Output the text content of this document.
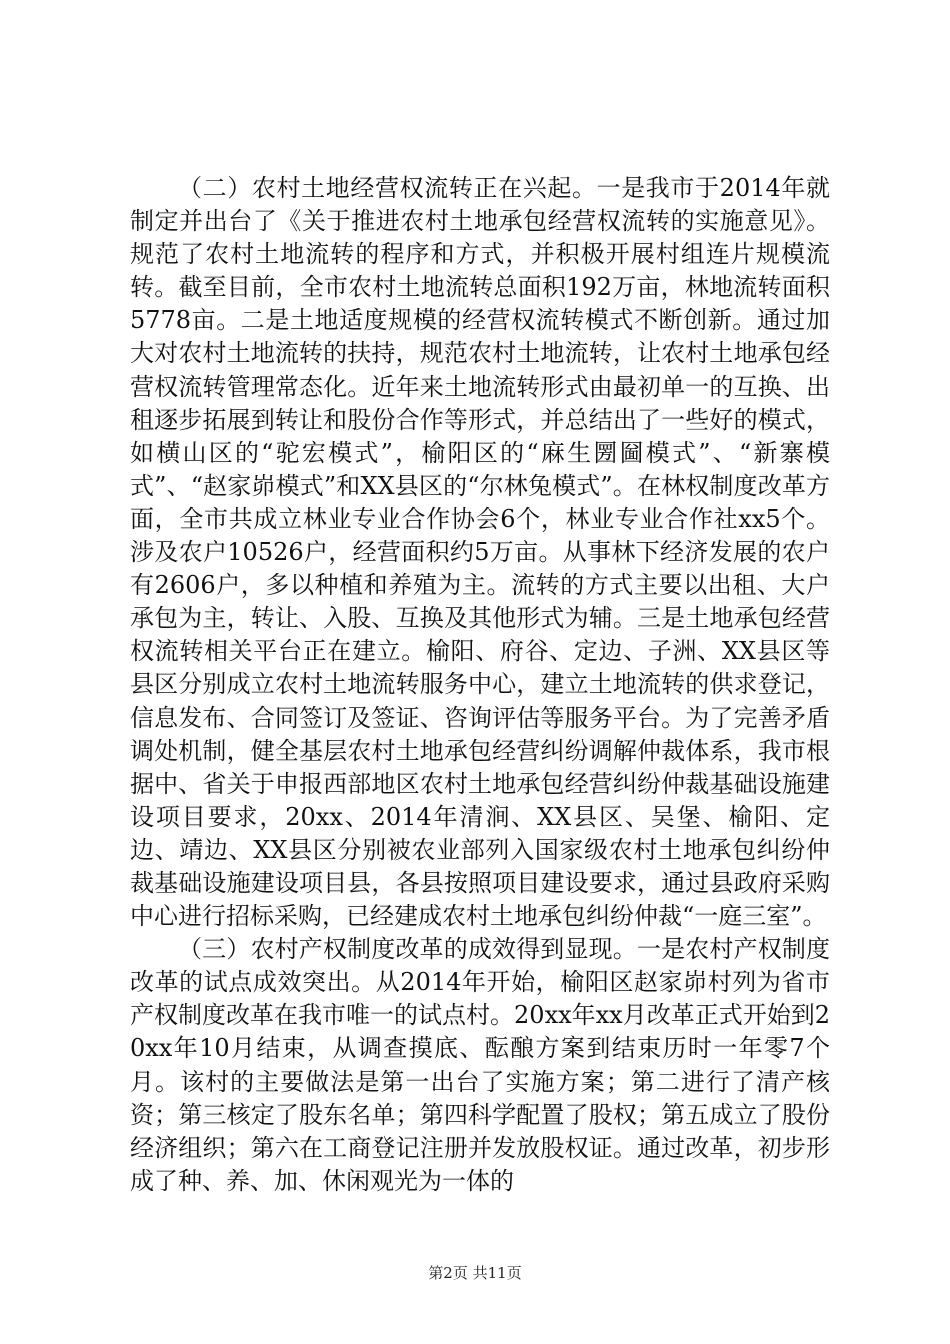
（二）农村土地经营权流转正在兴起。一是我市于2014年就制定并出台了《关于推进农村土地承包经营权流转的实施意见》。规范了农村土地流转的程序和方式，并积极开展村组连片规模流转。截至目前，全市农村土地流转总面积192万亩，林地流转面积5778亩。二是土地适度规模的经营权流转模式不断创新。通过加大对农村土地流转的扶持，规范农村土地流转，让农村土地承包经营权流转管理常态化。近年来土地流转形式由最初单一的互换、出租逐步拓展到转让和股份合作等形式，并总结出了一些好的模式，如横山区的“驼宏模式”，榆阳区的“麻生圐圙模式”、“新寨模式”、“赵家峁模式”和XX县区的“尔林兔模式”。在林权制度改革方面，全市共成立林业专业合作协会6个，林业专业合作社xx5个。涉及农户10526户，经营面积约5万亩。从事林下经济发展的农户有2606户，多以种植和养殖为主。流转的方式主要以出租、大户承包为主，转让、入股、互换及其他形式为辅。三是土地承包经营权流转相关平台正在建立。榆阳、府谷、定边、子洲、XX县区等县区分别成立农村土地流转服务中心，建立土地流转的供求登记，信息发布、合同签订及签证、咨询评估等服务平台。为了完善矛盾调处机制，健全基层农村土地承包经营纠纷调解仲裁体系，我市根据中、省关于申报西部地区农村土地承包经营纠纷仲裁基础设施建设项目要求，20xx、2014年清涧、XX县区、吴堡、榆阳、定边、靖边、XX县区分别被农业部列入国家级农村土地承包纠纷仲裁基础设施建设项目县，各县按照项目建设要求，通过县政府采购中心进行招标采购，已经建成农村土地承包纠纷仲裁“一庭三室”。

（三）农村产权制度改革的成效得到显现。一是农村产权制度改革的试点成效突出。从2014年开始，榆阳区赵家峁村列为省市产权制度改革在我市唯一的试点村。20xx年xx月改革正式开始到20xx年10月结束，从调查摸底、酝酿方案到结束历时一年零7个月。该村的主要做法是第一出台了实施方案；第二进行了清产核资；第三核定了股东名单；第四科学配置了股权；第五成立了股份经济组织；第六在工商登记注册并发放股权证。通过改革，初步形成了种、养、加、休闲观光为一体的

第2页 共11页
